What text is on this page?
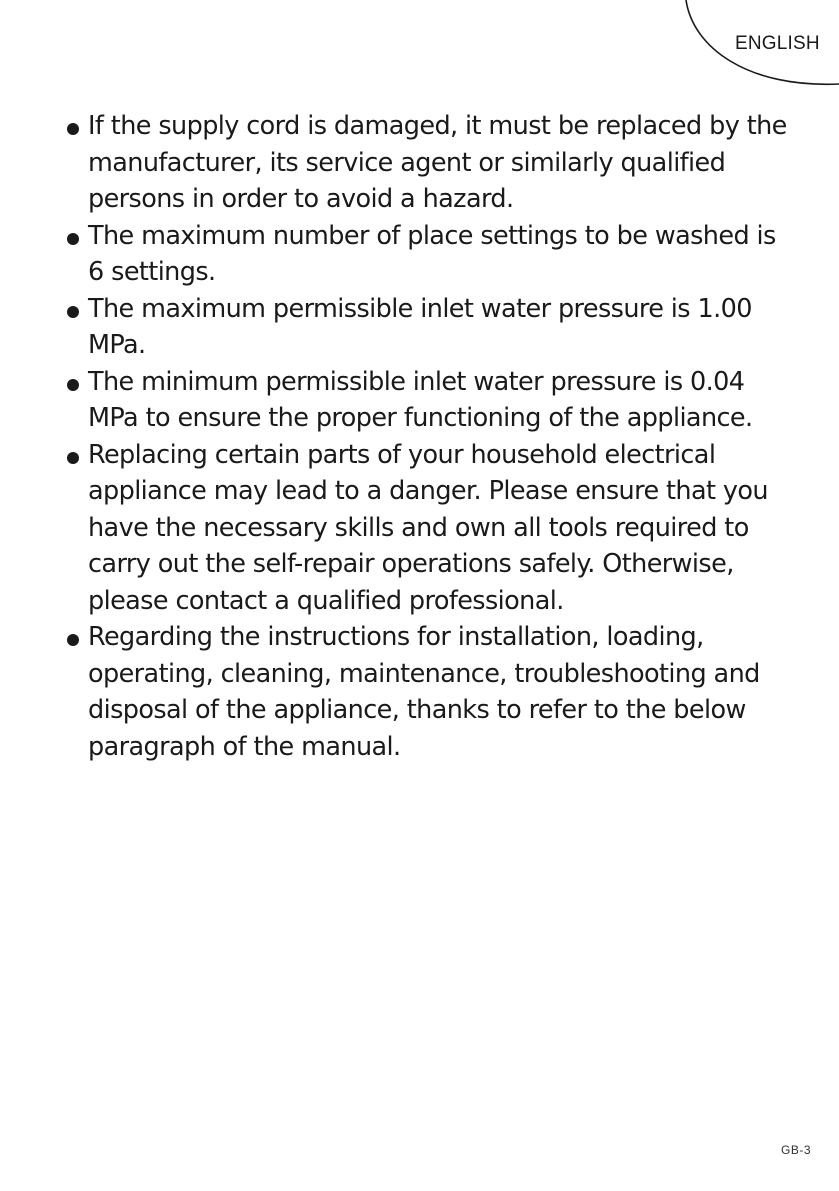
ENGLISH
If the supply cord is damaged, it must be replaced by the manufacturer, its service agent or similarly qualified persons in order to avoid a hazard.
The maximum number of place settings to be washed is 6 settings.
The maximum permissible inlet water pressure is 1.00 MPa.
The minimum permissible inlet water pressure is 0.04 MPa to ensure the proper functioning of the appliance.
Replacing certain parts of your household electrical appliance may lead to a danger. Please ensure that you have the necessary skills and own all tools required to carry out the self-repair operations safely. Otherwise, please contact a qualified professional.
Regarding the instructions for installation, loading, operating, cleaning, maintenance, troubleshooting and disposal of the appliance, thanks to refer to the below paragraph of the manual.
GB-3
